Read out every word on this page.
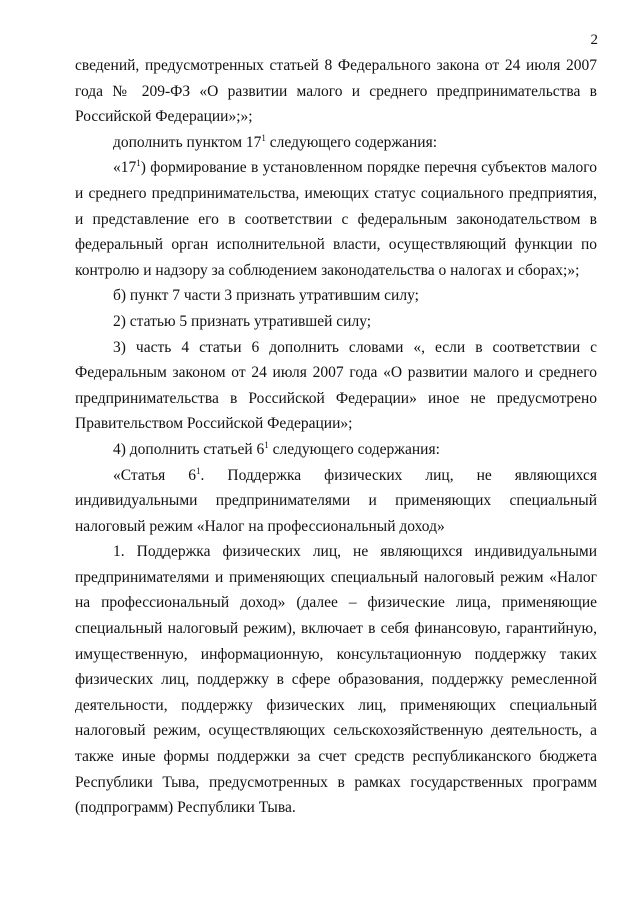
2

сведений, предусмотренных статьей 8 Федерального закона от 24 июля 2007 года № 209-ФЗ «О развитии малого и среднего предпринимательства в Российской Федерации»;»;

дополнить пунктом $17^1$ следующего содержания:

«$17^1$) формирование в установленном порядке перечня субъектов малого и среднего предпринимательства, имеющих статус социального предприятия, и представление его в соответствии с федеральным законодательством в федеральный орган исполнительной власти, осуществляющий функции по контролю и надзору за соблюдением законодательства о налогах и сборах;»;

б) пункт 7 части 3 признать утратившим силу;

2) статью 5 признать утратившей силу;

3) часть 4 статьи 6 дополнить словами «, если в соответствии с Федеральным законом от 24 июля 2007 года «О развитии малого и среднего предпринимательства в Российской Федерации» иное не предусмотрено Правительством Российской Федерации»;

4) дополнить статьей $6^1$ следующего содержания:

«Статья $6^1$. Поддержка физических лиц, не являющихся индивидуальными предпринимателями и применяющих специальный налоговый режим «Налог на профессиональный доход»

1. Поддержка физических лиц, не являющихся индивидуальными предпринимателями и применяющих специальный налоговый режим «Налог на профессиональный доход» (далее – физические лица, применяющие специальный налоговый режим), включает в себя финансовую, гарантийную, имущественную, информационную, консультационную поддержку таких физических лиц, поддержку в сфере образования, поддержку ремесленной деятельности, поддержку физических лиц, применяющих специальный налоговый режим, осуществляющих сельскохозяйственную деятельность, а также иные формы поддержки за счет средств республиканского бюджета Республики Тыва, предусмотренных в рамках государственных программ (подпрограмм) Республики Тыва.
